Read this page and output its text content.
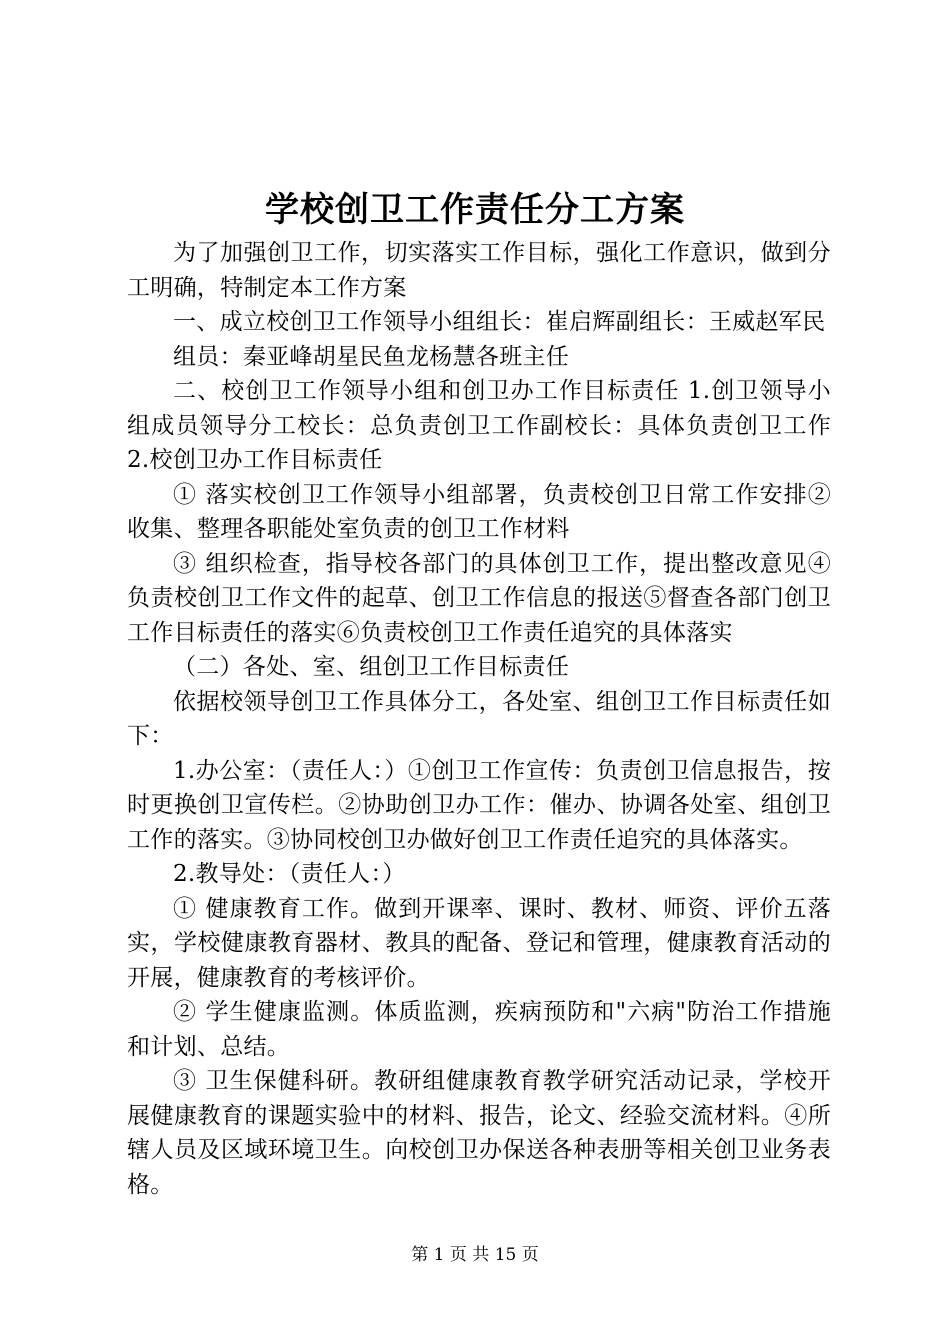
学校创卫工作责任分工方案

为了加强创卫工作，切实落实工作目标，强化工作意识，做到分工明确，特制定本工作方案

一、成立校创卫工作领导小组组长：崔启辉副组长：王威赵军民

组员：秦亚峰胡星民鱼龙杨慧各班主任

二、校创卫工作领导小组和创卫办工作目标责任 1.创卫领导小组成员领导分工校长：总负责创卫工作副校长：具体负责创卫工作 2.校创卫办工作目标责任

① 落实校创卫工作领导小组部署，负责校创卫日常工作安排②收集、整理各职能处室负责的创卫工作材料

③ 组织检查，指导校各部门的具体创卫工作，提出整改意见④负责校创卫工作文件的起草、创卫工作信息的报送⑤督查各部门创卫工作目标责任的落实⑥负责校创卫工作责任追究的具体落实

（二）各处、室、组创卫工作目标责任

依据校领导创卫工作具体分工，各处室、组创卫工作目标责任如下：

1.办公室：（责任人：）①创卫工作宣传：负责创卫信息报告，按时更换创卫宣传栏。②协助创卫办工作：催办、协调各处室、组创卫工作的落实。③协同校创卫办做好创卫工作责任追究的具体落实。

2.教导处：（责任人：）

① 健康教育工作。做到开课率、课时、教材、师资、评价五落实，学校健康教育器材、教具的配备、登记和管理，健康教育活动的开展，健康教育的考核评价。

② 学生健康监测。体质监测，疾病预防和"六病"防治工作措施和计划、总结。

③ 卫生保健科研。教研组健康教育教学研究活动记录，学校开展健康教育的课题实验中的材料、报告，论文、经验交流材料。④所辖人员及区域环境卫生。向校创卫办保送各种表册等相关创卫业务表格。

第 1 页 共 15 页
